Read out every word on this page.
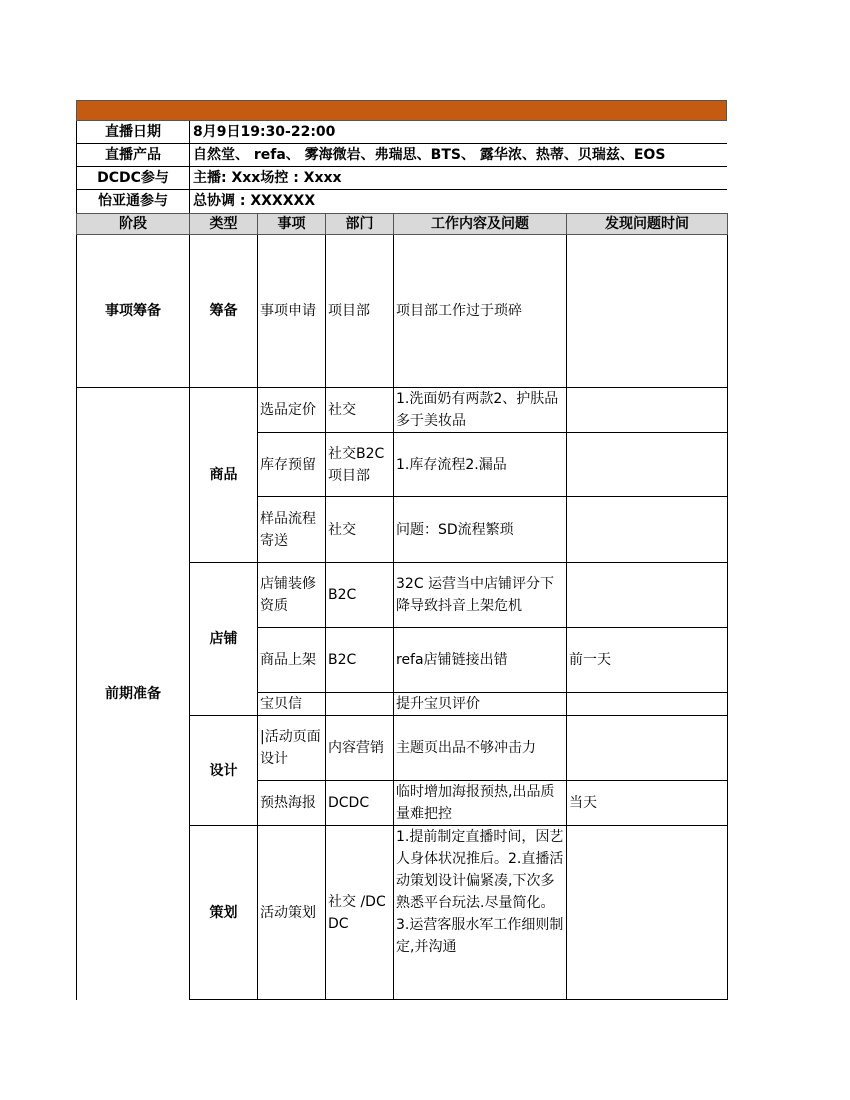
直播日期	8月9日19:30-22:00
直播产品	自然堂、 refa、 雾海微岩、弗瑞思、BTS、 露华浓、热蒂、贝瑞兹、EOS
DCDC参与	主播: Xxx场控 : Xxxx
怡亚通参与	总协调 : XXXXXX
阶段	类型	事项	部门	工作内容及问题	发现问题时间
事项筹备	筹备	事项申请	项目部	项目部工作过于琐碎	
前期准备	商品	选品定价	社交	1.洗面奶有两款2、护肤品多于美妆品	
		库存预留	社交B2C 项目部	1.库存流程2.漏品	
		样品流程寄送	社交	问题：SD流程繁琐	
	店铺	店铺装修资质	B2C	32C 运营当中店铺评分下降导致抖音上架危机	
		商品上架	B2C	refa店铺链接出错	前一天
		宝贝信		提升宝贝评价	
	设计	|活动页面设计	内容营销	主题页出品不够冲击力	
		预热海报	DCDC	临时增加海报预热,出品质量难把控	当天
	策划	活动策划	社交 /DCDC	1.提前制定直播时间，因艺人身体状况推后。2.直播活动策划设计偏紧凑,下次多熟悉平台玩法.尽量简化。3.运营客服水军工作细则制定,并沟通	
